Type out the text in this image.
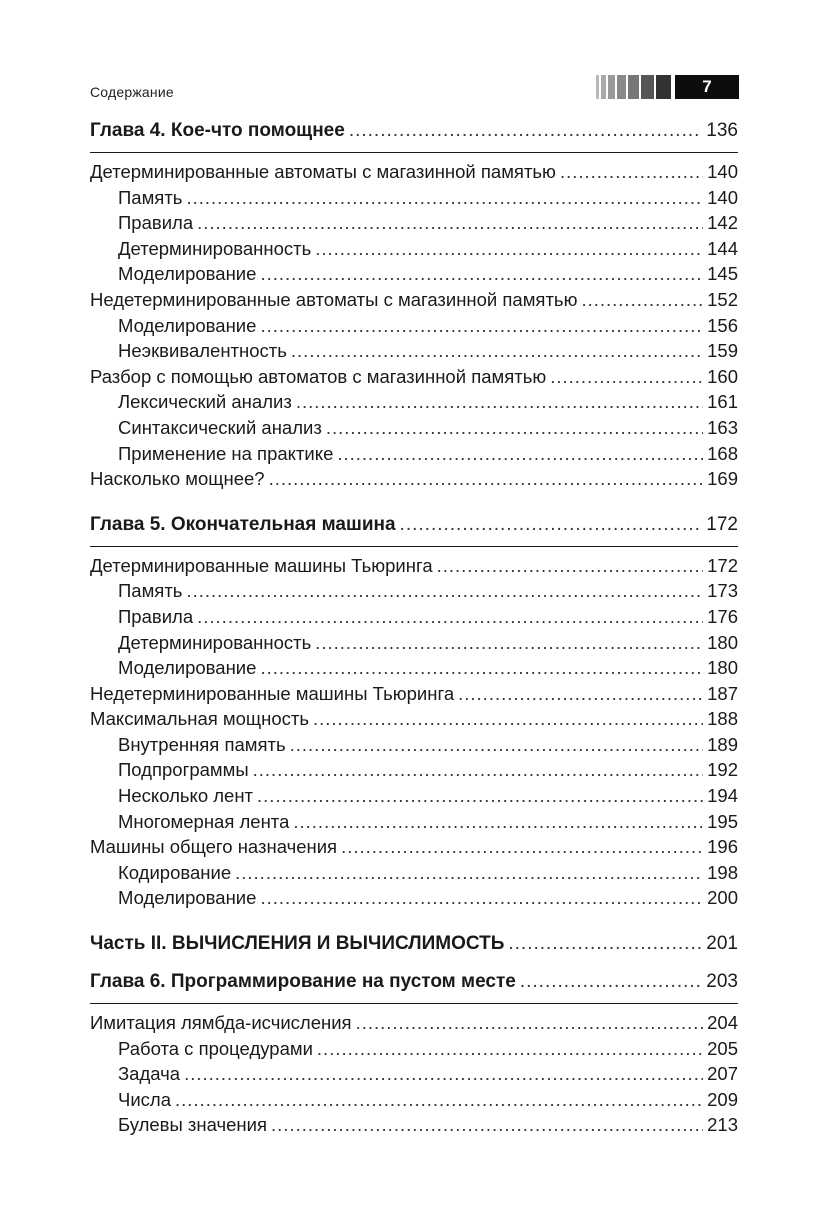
Содержание	7
Глава 4. Кое-что помощнее .....	136
Детерминированные автоматы с магазинной памятью .....	140
Память .....	140
Правила .....	142
Детерминированность .....	144
Моделирование .....	145
Недетерминированные автоматы с магазинной памятью .....	152
Моделирование .....	156
Неэквивалентность .....	159
Разбор с помощью автоматов с магазинной памятью .....	160
Лексический анализ .....	161
Синтаксический анализ .....	163
Применение на практике .....	168
Насколько мощнее? .....	169
Глава 5. Окончательная машина .....	172
Детерминированные машины Тьюринга .....	172
Память .....	173
Правила .....	176
Детерминированность .....	180
Моделирование .....	180
Недетерминированные машины Тьюринга .....	187
Максимальная мощность .....	188
Внутренняя память .....	189
Подпрограммы .....	192
Несколько лент .....	194
Многомерная лента .....	195
Машины общего назначения .....	196
Кодирование .....	198
Моделирование .....	200
Часть II. ВЫЧИСЛЕНИЯ И ВЫЧИСЛИМОСТЬ .....	201
Глава 6. Программирование на пустом месте .....	203
Имитация лямбда-исчисления .....	204
Работа с процедурами .....	205
Задача .....	207
Числа .....	209
Булевы значения .....	213
